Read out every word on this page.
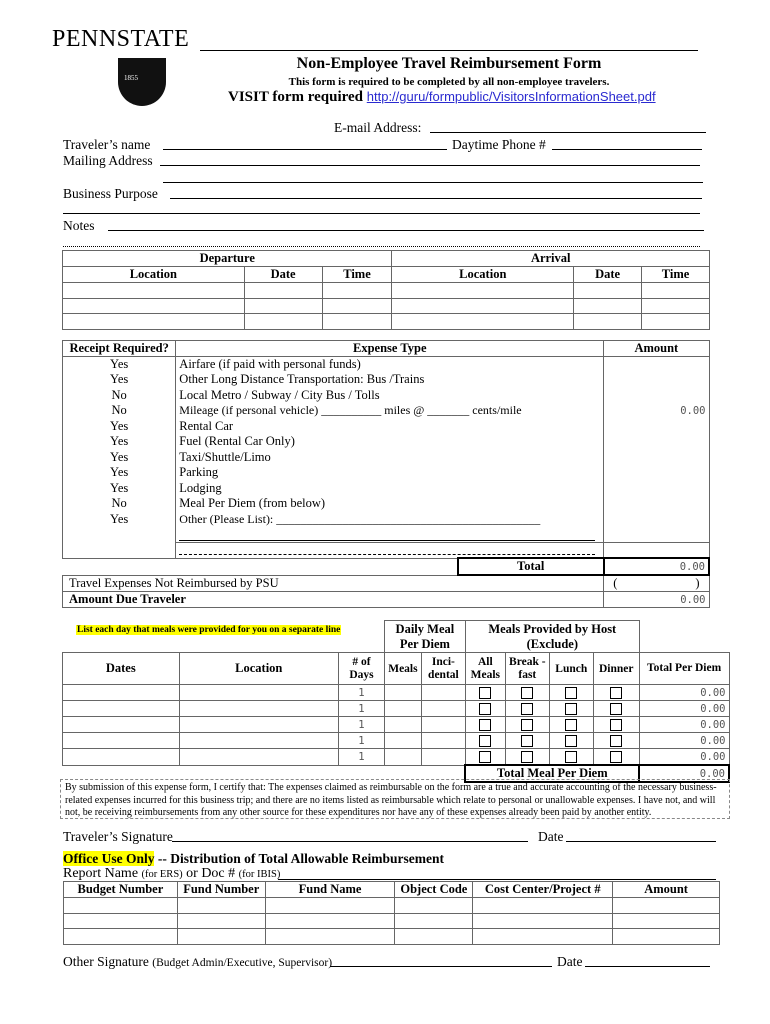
PENNSTATE
1855
Non-Employee Travel Reimbursement Form
This form is required to be completed by all non-employee travelers.
VISIT form required http://guru/formpublic/VisitorsInformationSheet.pdf
E-mail Address:
Traveler’s name	Daytime Phone #
Mailing Address
Business Purpose
Notes
Departure			Arrival		
Location	Date	Time	Location	Date	Time

Receipt Required?	Expense Type		Amount
Yes	Airfare (if paid with personal funds)		
Yes	Other Long Distance Transportation: Bus /Trains		
No	Local Metro / Subway / City Bus / Tolls		
No	Mileage (if personal vehicle) __________ miles @ _______ cents/mile		0.00
Yes	Rental Car		
Yes	Fuel (Rental Car Only)		
Yes	Taxi/Shuttle/Limo		
Yes	Parking		
Yes	Lodging		
No	Meal Per Diem (from below)		
Yes	Other (Please List): ____________________________________________		

		Total	0.00
Travel Expenses Not Reimbursed by PSU			( )

Amount Due Traveler			0.00
List each day that meals were provided for you on a separate line
			Daily Meal Per Diem		Meals Provided by Host (Exclude)				
Dates	Location	# of Days	Meals	Inci-dental	All Meals	Break - fast	Lunch	Dinner	Total Per Diem
		1							0.00
		1							0.00
		1							0.00
		1							0.00
		1							0.00
					Total Meal Per Diem				0.00
By submission of this expense form, I certify that: The expenses claimed as reimbursable on the form are a true and accurate accounting of the necessary business-related expenses incurred for this business trip; and there are no items listed as reimbursable which relate to personal or unallowable expenses. I have not, and will not, be receiving reimbursements from any other source for these expenditures nor have any of these expenses already been paid by another entity.
Traveler’s Signature	Date
Office Use Only -- Distribution of Total Allowable Reimbursement
Report Name (for ERS) or Doc # (for IBIS)
Budget Number	Fund Number	Fund Name	Object Code	Cost Center/Project #	Amount

Other Signature (Budget Admin/Executive, Supervisor)	Date
